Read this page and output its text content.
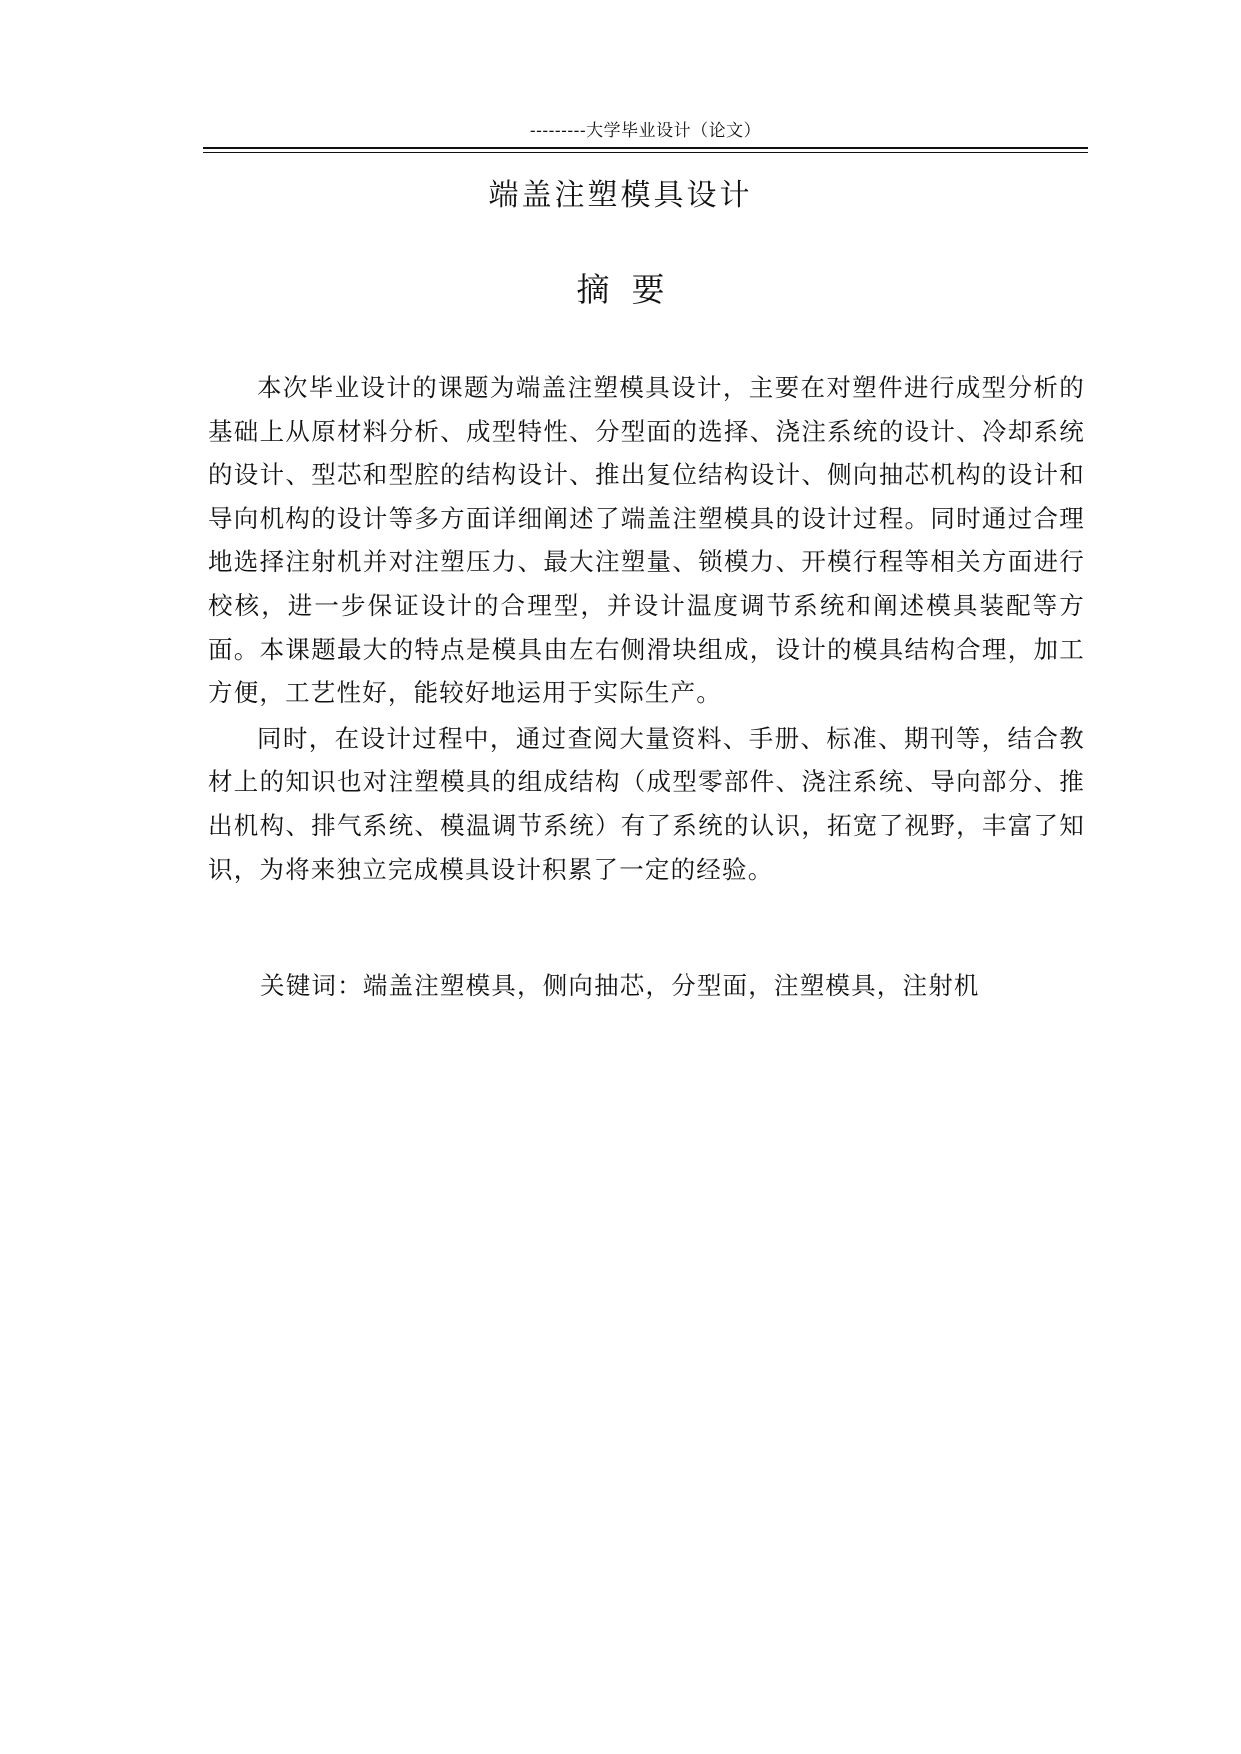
---------大学毕业设计（论文）
端盖注塑模具设计
摘要

本次毕业设计的课题为端盖注塑模具设计，主要在对塑件进行成型分析的基础上从原材料分析、成型特性、分型面的选择、浇注系统的设计、冷却系统的设计、型芯和型腔的结构设计、推出复位结构设计、侧向抽芯机构的设计和导向机构的设计等多方面详细阐述了端盖注塑模具的设计过程。同时通过合理地选择注射机并对注塑压力、最大注塑量、锁模力、开模行程等相关方面进行校核，进一步保证设计的合理型，并设计温度调节系统和阐述模具装配等方面。本课题最大的特点是模具由左右侧滑块组成，设计的模具结构合理，加工方便，工艺性好，能较好地运用于实际生产。

同时，在设计过程中，通过查阅大量资料、手册、标准、期刊等，结合教材上的知识也对注塑模具的组成结构（成型零部件、浇注系统、导向部分、推出机构、排气系统、模温调节系统）有了系统的认识，拓宽了视野，丰富了知识，为将来独立完成模具设计积累了一定的经验。

关键词：端盖注塑模具，侧向抽芯，分型面，注塑模具，注射机
